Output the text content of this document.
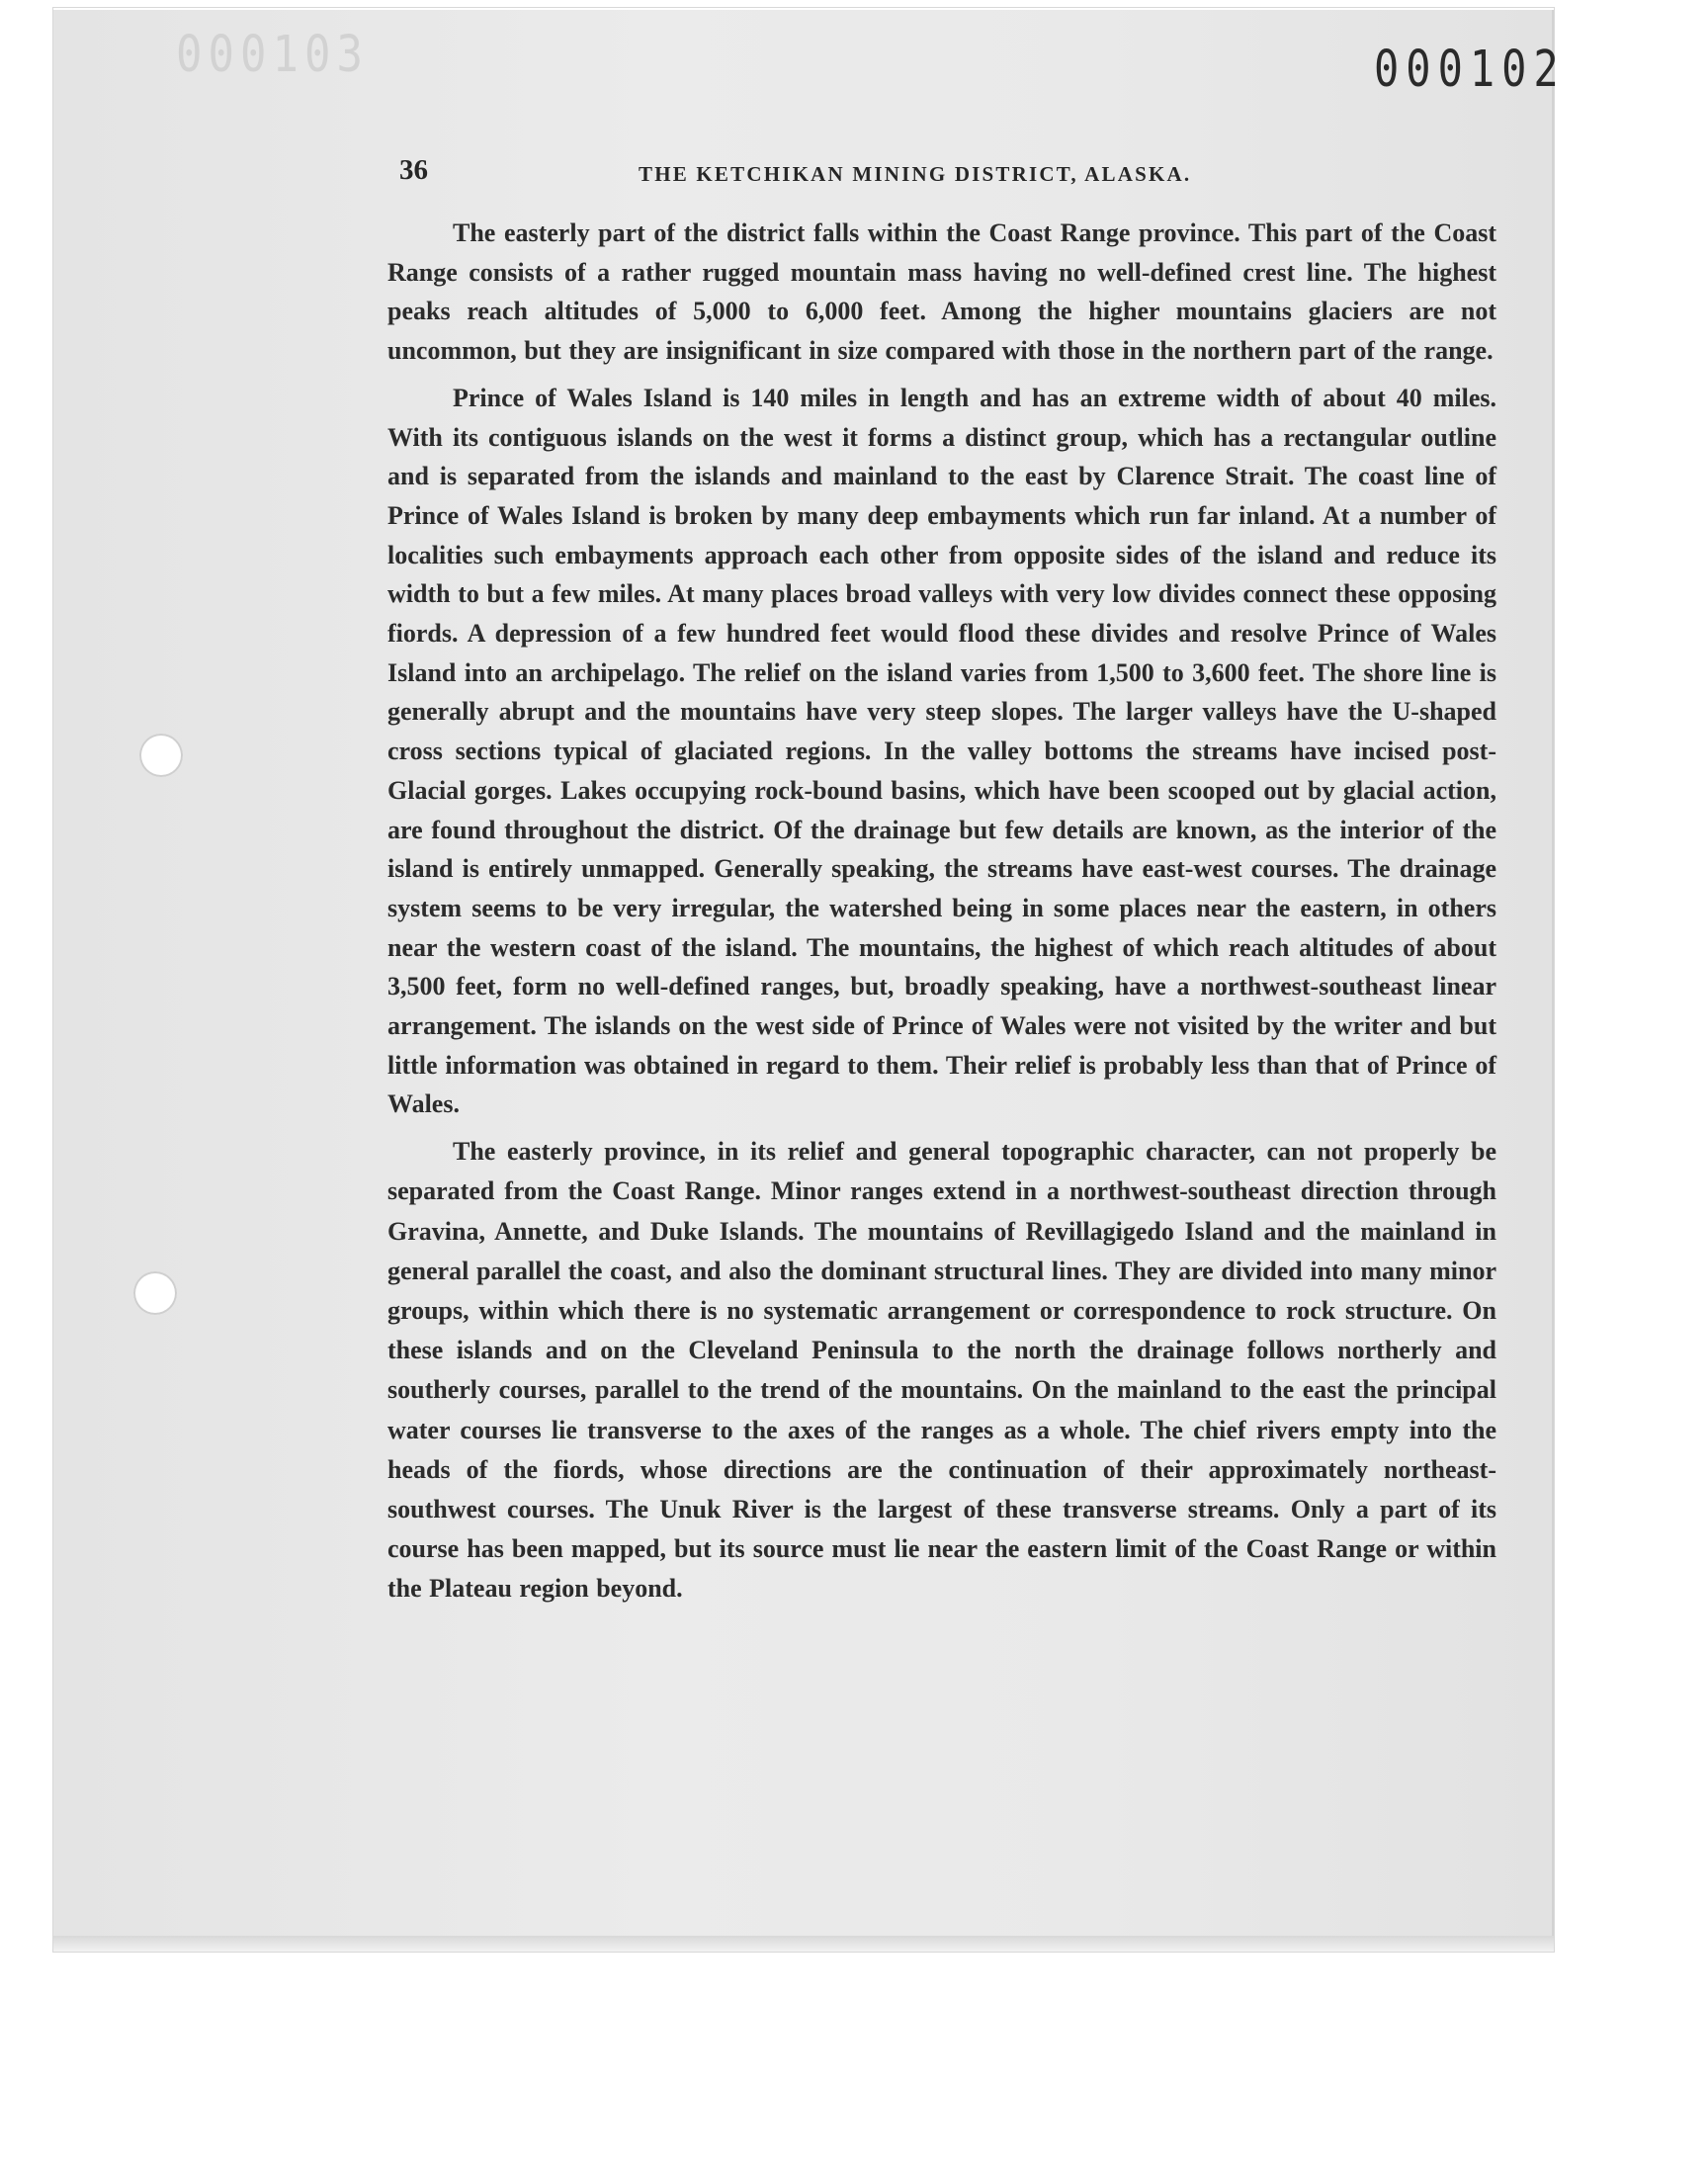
000103	000102
36	THE KETCHIKAN MINING DISTRICT, ALASKA.

The easterly part of the district falls within the Coast Range province. This part of the Coast Range consists of a rather rugged mountain mass having no well-defined crest line. The highest peaks reach altitudes of 5,000 to 6,000 feet. Among the higher mountains glaciers are not uncommon, but they are insignificant in size compared with those in the northern part of the range.

Prince of Wales Island is 140 miles in length and has an extreme width of about 40 miles. With its contiguous islands on the west it forms a distinct group, which has a rectangular outline and is separated from the islands and mainland to the east by Clarence Strait. The coast line of Prince of Wales Island is broken by many deep embayments which run far inland. At a number of localities such embayments approach each other from opposite sides of the island and reduce its width to but a few miles. At many places broad valleys with very low divides connect these opposing fiords. A depression of a few hundred feet would flood these divides and resolve Prince of Wales Island into an archipelago. The relief on the island varies from 1,500 to 3,600 feet. The shore line is generally abrupt and the mountains have very steep slopes. The larger valleys have the U-shaped cross sections typical of glaciated regions. In the valley bottoms the streams have incised post-Glacial gorges. Lakes occupying rock-bound basins, which have been scooped out by glacial action, are found throughout the district. Of the drainage but few details are known, as the interior of the island is entirely unmapped. Generally speaking, the streams have east-west courses. The drainage system seems to be very irregular, the watershed being in some places near the eastern, in others near the western coast of the island. The mountains, the highest of which reach altitudes of about 3,500 feet, form no well-defined ranges, but, broadly speaking, have a northwest-southeast linear arrangement. The islands on the west side of Prince of Wales were not visited by the writer and but little information was obtained in regard to them. Their relief is probably less than that of Prince of Wales.

The easterly province, in its relief and general topographic character, can not properly be separated from the Coast Range. Minor ranges extend in a northwest-southeast direction through Gravina, Annette, and Duke Islands. The mountains of Revillagigedo Island and the mainland in general parallel the coast, and also the dominant structural lines. They are divided into many minor groups, within which there is no systematic arrangement or correspondence to rock structure. On these islands and on the Cleveland Peninsula to the north the drainage follows northerly and southerly courses, parallel to the trend of the mountains. On the mainland to the east the principal water courses lie transverse to the axes of the ranges as a whole. The chief rivers empty into the heads of the fiords, whose directions are the continuation of their approximately northeast-southwest courses. The Unuk River is the largest of these transverse streams. Only a part of its course has been mapped, but its source must lie near the eastern limit of the Coast Range or within the Plateau region beyond.
